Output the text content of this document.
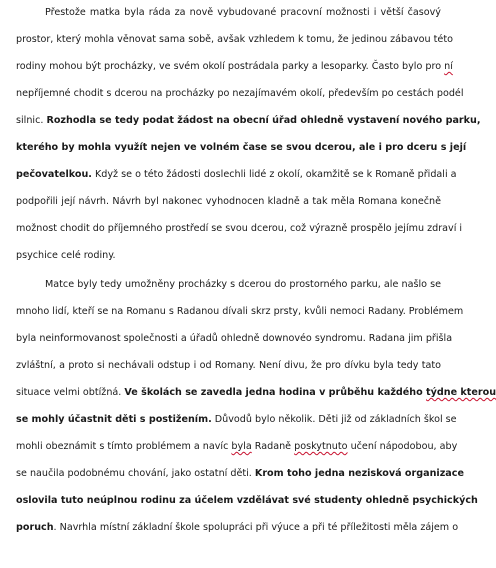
Přestože matka byla ráda za nově vybudované pracovní možnosti i větší časový
prostor, který mohla věnovat sama sobě, avšak vzhledem k tomu, že jedinou zábavou této
rodiny mohou být procházky, ve svém okolí postrádala parky a lesoparky. Často bylo pro ní
nepříjemné chodit s dcerou na procházky po nezajímavém okolí, především po cestách podél
silnic. Rozhodla se tedy podat žádost na obecní úřad ohledně vystavení nového parku,
kterého by mohla využít nejen ve volném čase se svou dcerou, ale i pro dceru s její
pečovatelkou. Když se o této žádosti doslechli lidé z okolí, okamžitě se k Romaně přidali a
podpořili její návrh. Návrh byl nakonec vyhodnocen kladně a tak měla Romana konečně
možnost chodit do příjemného prostředí se svou dcerou, což výrazně prospělo jejímu zdraví i
psychice celé rodiny.
Matce byly tedy umožněny procházky s dcerou do prostorného parku, ale našlo se
mnoho lidí, kteří se na Romanu s Radanou dívali skrz prsty, kvůli nemoci Radany. Problémem
byla neinformovanost společnosti a úřadů ohledně downovéo syndromu. Radana jim přišla
zvláštní, a proto si nechávali odstup i od Romany. Není divu, že pro dívku byla tedy tato
situace velmi obtížná. Ve školách se zavedla jedna hodina v průběhu každého týdne kterou
se mohly účastnit děti s postižením. Důvodů bylo několik. Děti již od základních škol se
mohli obeznámit s tímto problémem a navíc byla Radaně poskytnuto učení nápodobou, aby
se naučila podobnému chování, jako ostatní děti. Krom toho jedna nezisková organizace
oslovila tuto neúplnou rodinu za účelem vzdělávat své studenty ohledně psychických
poruch. Navrhla místní základní škole spolupráci při výuce a při té příležitosti měla zájem o
